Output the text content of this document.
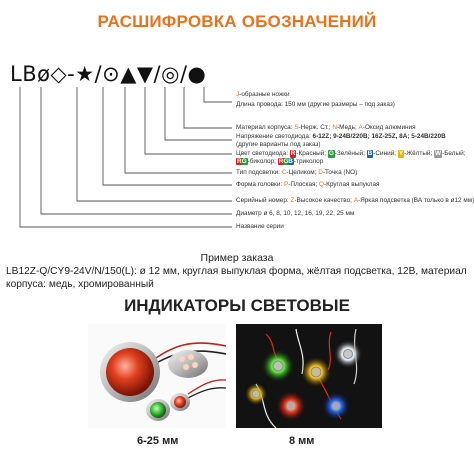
РАСШИФРОВКА ОБОЗНАЧЕНИЙ
LBø◇-★/⊙▲▼/◎/●
J-образные ножки
Длина провода: 150 мм (другие размеры – под заказ)
Материал корпуса: S-Нерж. Ст.; N-Медь; A-Оксид алюминия
Напряжение светодиода: 6-12Z; 9-24В/220В; 16Z-25Z, 8A; 5-24В/220В
(другие варианты под заказ)
Цвет светодиода: R-Красный; G-Зелёный; B-Синий; Y-Жёлтый; W-Белый;
RG-биколор; RGB-триколор
Тип подсветки: C-Целиком; D-Точка (NO)
Форма головки: P-Плоская; Q-Круглая выпуклая
Серийный номер: Z-Высокое качество; A-Яркая подсветка (ВА только в ø12 мм)
Диаметр ø 6, 8, 10, 12, 16, 19, 22, 25 мм
Название серии
Пример заказа
LB12Z-Q/CY9-24V/N/150(L): ø 12 мм, круглая выпуклая форма, жёлтая подсветка, 12В, материал корпуса: медь, хромированный
ИНДИКАТОРЫ СВЕТОВЫЕ
6-25 мм	8 мм
